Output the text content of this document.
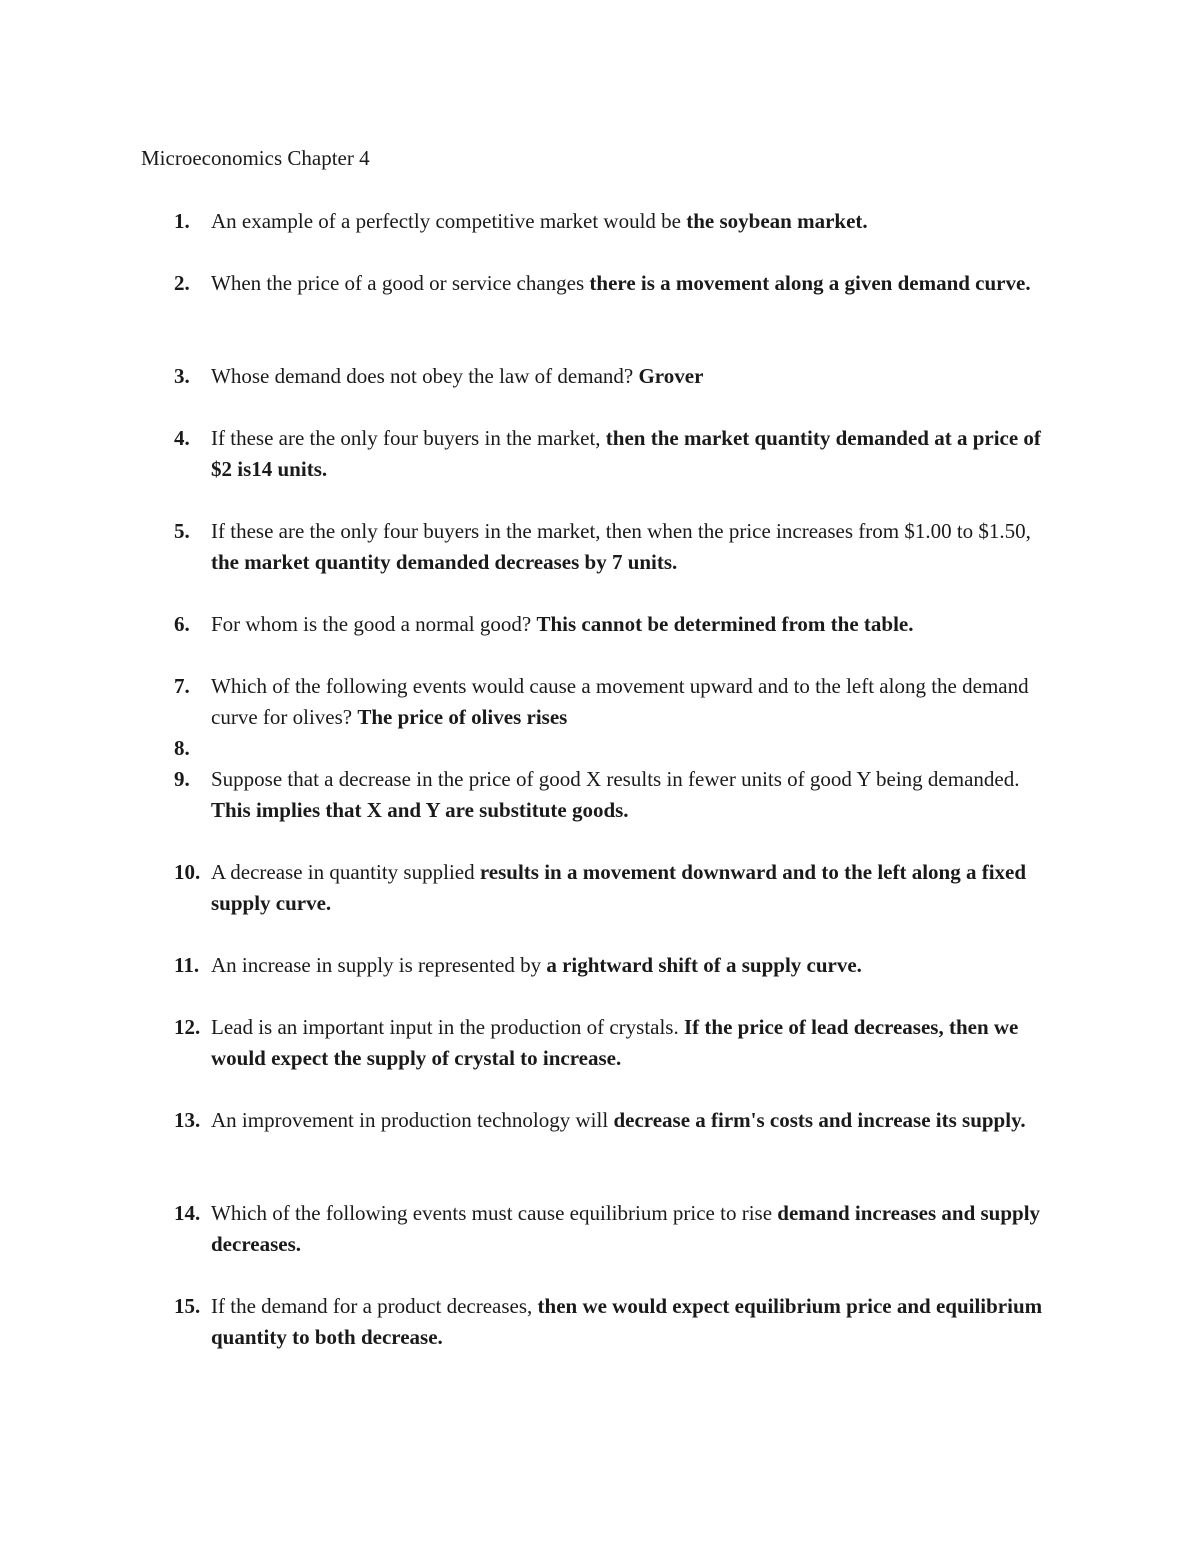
Microeconomics Chapter 4
1. An example of a perfectly competitive market would be the soybean market.
2. When the price of a good or service changes there is a movement along a given demand curve.
3. Whose demand does not obey the law of demand? Grover
4. If these are the only four buyers in the market, then the market quantity demanded at a price of $2 is14 units.
5. If these are the only four buyers in the market, then when the price increases from $1.00 to $1.50, the market quantity demanded decreases by 7 units.
6. For whom is the good a normal good? This cannot be determined from the table.
7. Which of the following events would cause a movement upward and to the left along the demand curve for olives? The price of olives rises
8.
9. Suppose that a decrease in the price of good X results in fewer units of good Y being demanded. This implies that X and Y are substitute goods.
10. A decrease in quantity supplied results in a movement downward and to the left along a fixed supply curve.
11. An increase in supply is represented by a rightward shift of a supply curve.
12. Lead is an important input in the production of crystals. If the price of lead decreases, then we would expect the supply of crystal to increase.
13. An improvement in production technology will decrease a firm's costs and increase its supply.
14. Which of the following events must cause equilibrium price to rise demand increases and supply decreases.
15. If the demand for a product decreases, then we would expect equilibrium price and equilibrium quantity to both decrease.
